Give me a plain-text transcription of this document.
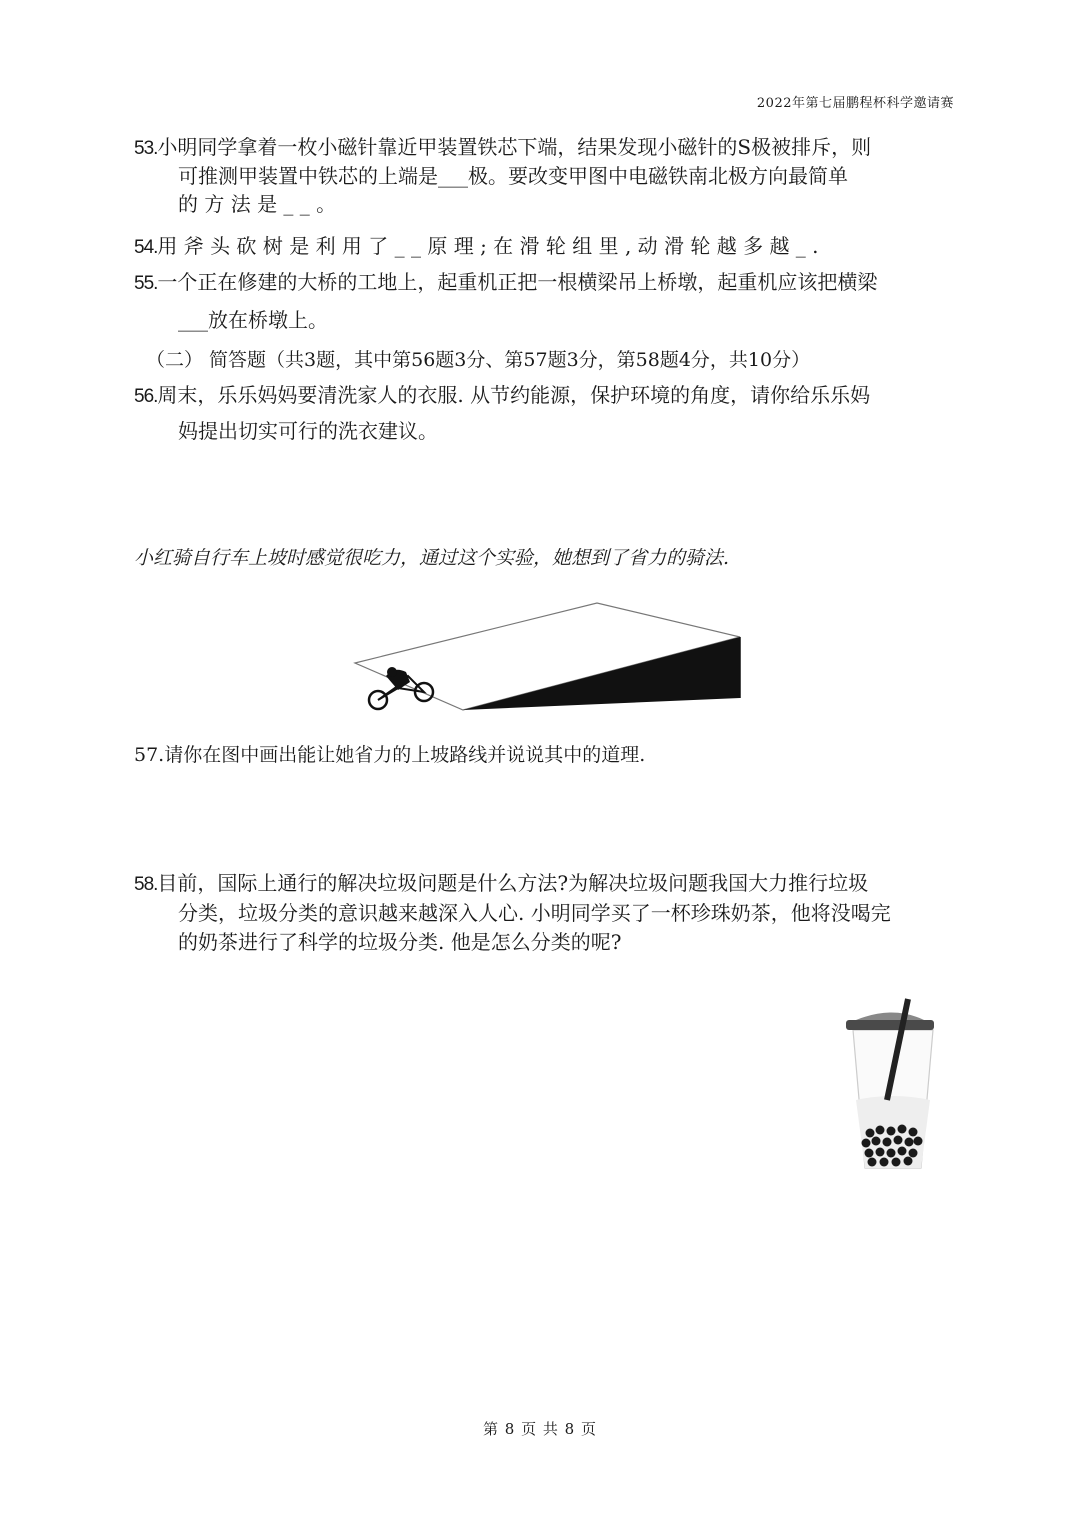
2022年第七届鹏程杯科学邀请赛
53.小明同学拿着一枚小磁针靠近甲装置铁芯下端，结果发现小磁针的S极被排斥，则
可推测甲装置中铁芯的上端是___极。要改变甲图中电磁铁南北极方向最简单
的 方 法 是 _ _ 。
54.用 斧 头 砍 树 是 利 用 了 _ _ 原 理 ; 在 滑 轮 组 里 , 动 滑 轮 越 多 越 _ .
55.一个正在修建的大桥的工地上，起重机正把一根横梁吊上桥墩，起重机应该把横梁
___放在桥墩上。
（二） 简答题（共3题，其中第56题3分、第57题3分，第58题4分，共10分）
56.周末，乐乐妈妈要清洗家人的衣服. 从节约能源，保护环境的角度，请你给乐乐妈
妈提出切实可行的洗衣建议。
小红骑自行车上坡时感觉很吃力，通过这个实验，她想到了省力的骑法.
57.请你在图中画出能让她省力的上坡路线并说说其中的道理.
58.目前，国际上通行的解决垃圾问题是什么方法?为解决垃圾问题我国大力推行垃圾
分类，垃圾分类的意识越来越深入人心. 小明同学买了一杯珍珠奶茶，他将没喝完
的奶茶进行了科学的垃圾分类. 他是怎么分类的呢?
第 8 页 共 8 页
